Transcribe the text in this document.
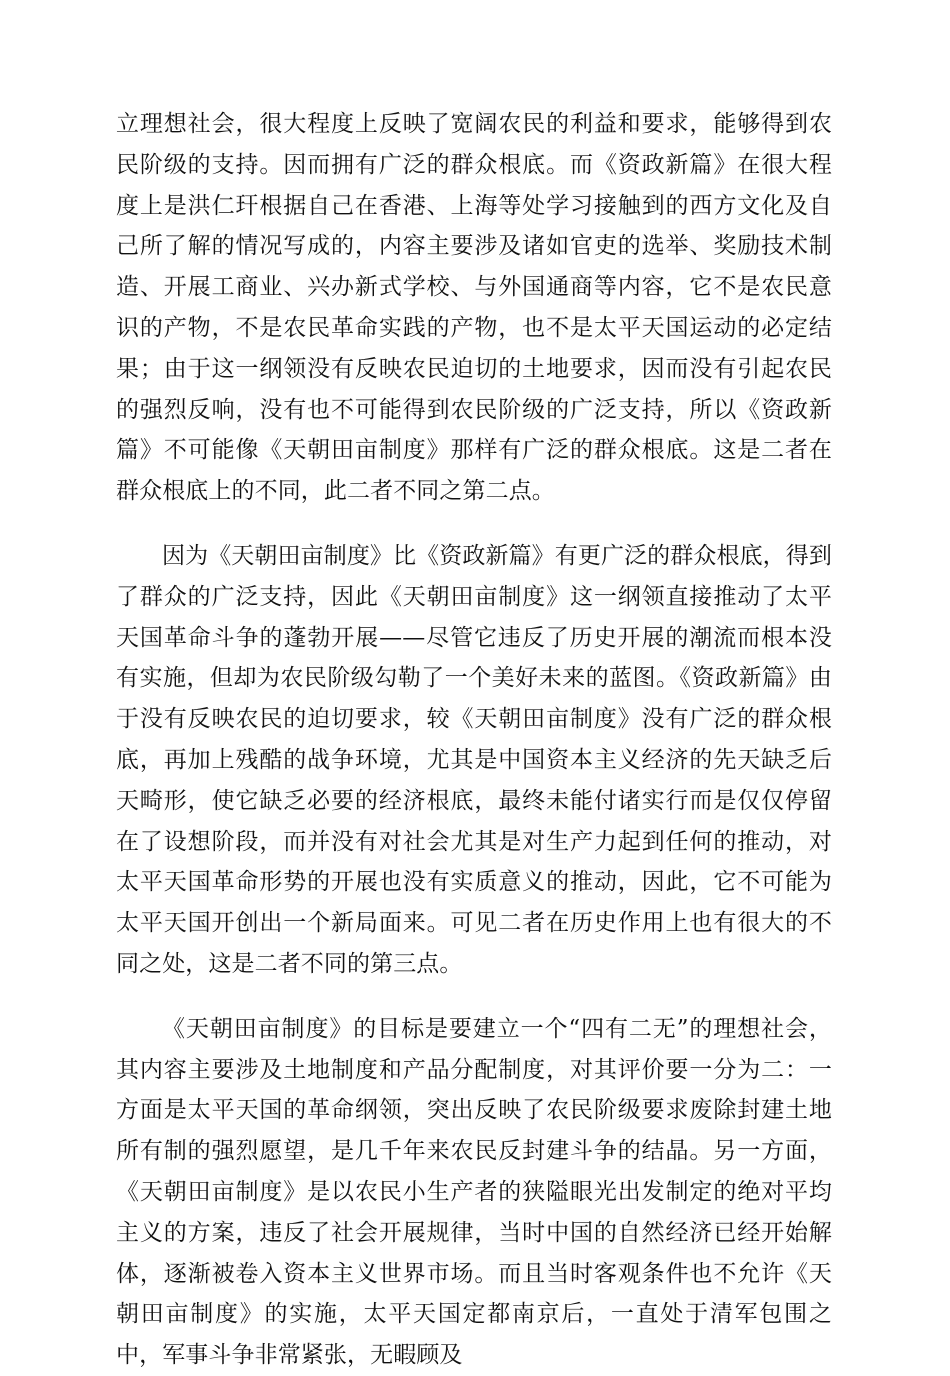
立理想社会，很大程度上反映了宽阔农民的利益和要求，能够得到农民阶级的支持。因而拥有广泛的群众根底。而《资政新篇》在很大程度上是洪仁玕根据自己在香港、上海等处学习接触到的西方文化及自己所了解的情况写成的，内容主要涉及诸如官吏的选举、奖励技术制造、开展工商业、兴办新式学校、与外国通商等内容，它不是农民意识的产物，不是农民革命实践的产物，也不是太平天国运动的必定结果；由于这一纲领没有反映农民迫切的土地要求，因而没有引起农民的强烈反响，没有也不可能得到农民阶级的广泛支持，所以《资政新篇》不可能像《天朝田亩制度》那样有广泛的群众根底。这是二者在群众根底上的不同，此二者不同之第二点。

因为《天朝田亩制度》比《资政新篇》有更广泛的群众根底，得到了群众的广泛支持，因此《天朝田亩制度》这一纲领直接推动了太平天国革命斗争的蓬勃开展——尽管它违反了历史开展的潮流而根本没有实施，但却为农民阶级勾勒了一个美好未来的蓝图。《资政新篇》由于没有反映农民的迫切要求，较《天朝田亩制度》没有广泛的群众根底，再加上残酷的战争环境，尤其是中国资本主义经济的先天缺乏后天畸形，使它缺乏必要的经济根底，最终未能付诸实行而是仅仅停留在了设想阶段，而并没有对社会尤其是对生产力起到任何的推动，对太平天国革命形势的开展也没有实质意义的推动，因此，它不可能为太平天国开创出一个新局面来。可见二者在历史作用上也有很大的不同之处，这是二者不同的第三点。

《天朝田亩制度》的目标是要建立一个“四有二无”的理想社会，其内容主要涉及土地制度和产品分配制度，对其评价要一分为二：一方面是太平天国的革命纲领，突出反映了农民阶级要求废除封建土地所有制的强烈愿望，是几千年来农民反封建斗争的结晶。另一方面，《天朝田亩制度》是以农民小生产者的狭隘眼光出发制定的绝对平均主义的方案，违反了社会开展规律，当时中国的自然经济已经开始解体，逐渐被卷入资本主义世界市场。而且当时客观条件也不允许《天朝田亩制度》的实施，太平天国定都南京后，一直处于清军包围之中，军事斗争非常紧张，无暇顾及
